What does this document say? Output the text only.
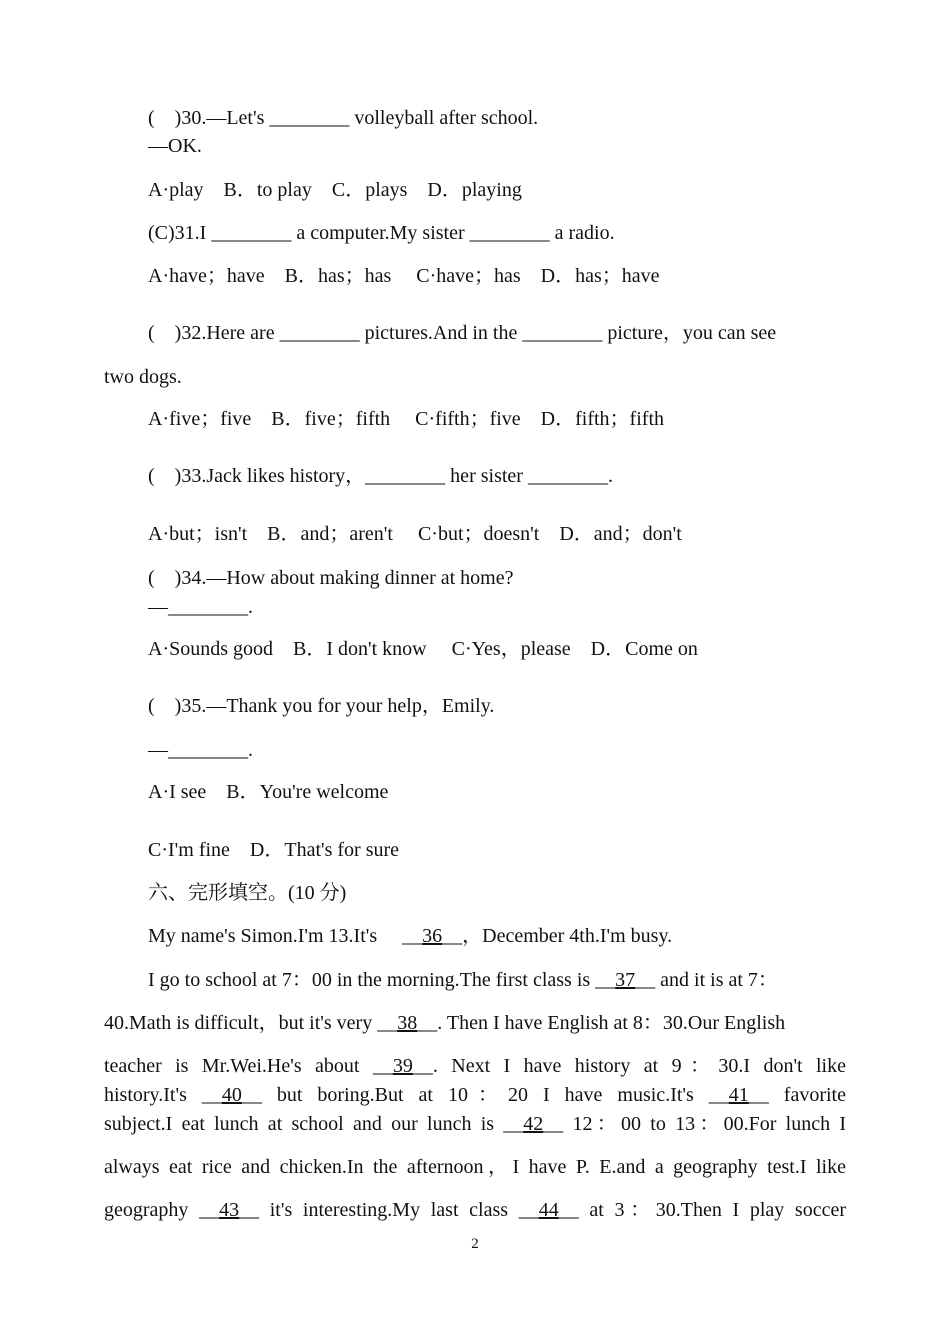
(　)30.—Let's ________ volleyball after school.
—OK.
A·play　B．to play　C．plays　D．playing
(C)31.I ________ a computer.My sister ________ a radio.
A·have；have　B．has；has　 C·have；has　D．has；have
(　)32.Here are ________ pictures.And in the ________ picture，you can see
two dogs.
A·five；five　B．five；fifth　 C·fifth；five　D．fifth；fifth
(　)33.Jack likes history，________ her sister ________.
A·but；isn't　B．and；aren't　 C·but；doesn't　D．and；don't
(　)34.—How about making dinner at home?
—________.
A·Sounds good　B．I don't know　 C·Yes，please　D．Come on
(　)35.—Thank you for your help，Emily.
—________.
A·I see　B．You're welcome
C·I'm fine　D．That's for sure
六、完形填空。(10 分)
My name's Simon.I'm 13.It's 　__36__，December 4th.I'm busy.
I go to school at 7：00 in the morning.The first class is __37__ and it is at 7：
40.Math is difficult，but it's very __38__. Then I have English at 8：30.Our English
teacher is Mr.Wei.He's about __39__. Next I have history at 9：30.I don't like
history.It's __40__ but boring.But at 10：20 I have music.It's __41__ favorite
subject.I eat lunch at school and our lunch is __42__ 12：00 to 13：00.For lunch I
always eat rice and chicken.In the afternoon，I have P. E.and a geography test.I like
geography __43__ it's interesting.My last class __44__ at 3：30.Then I play soccer
2
